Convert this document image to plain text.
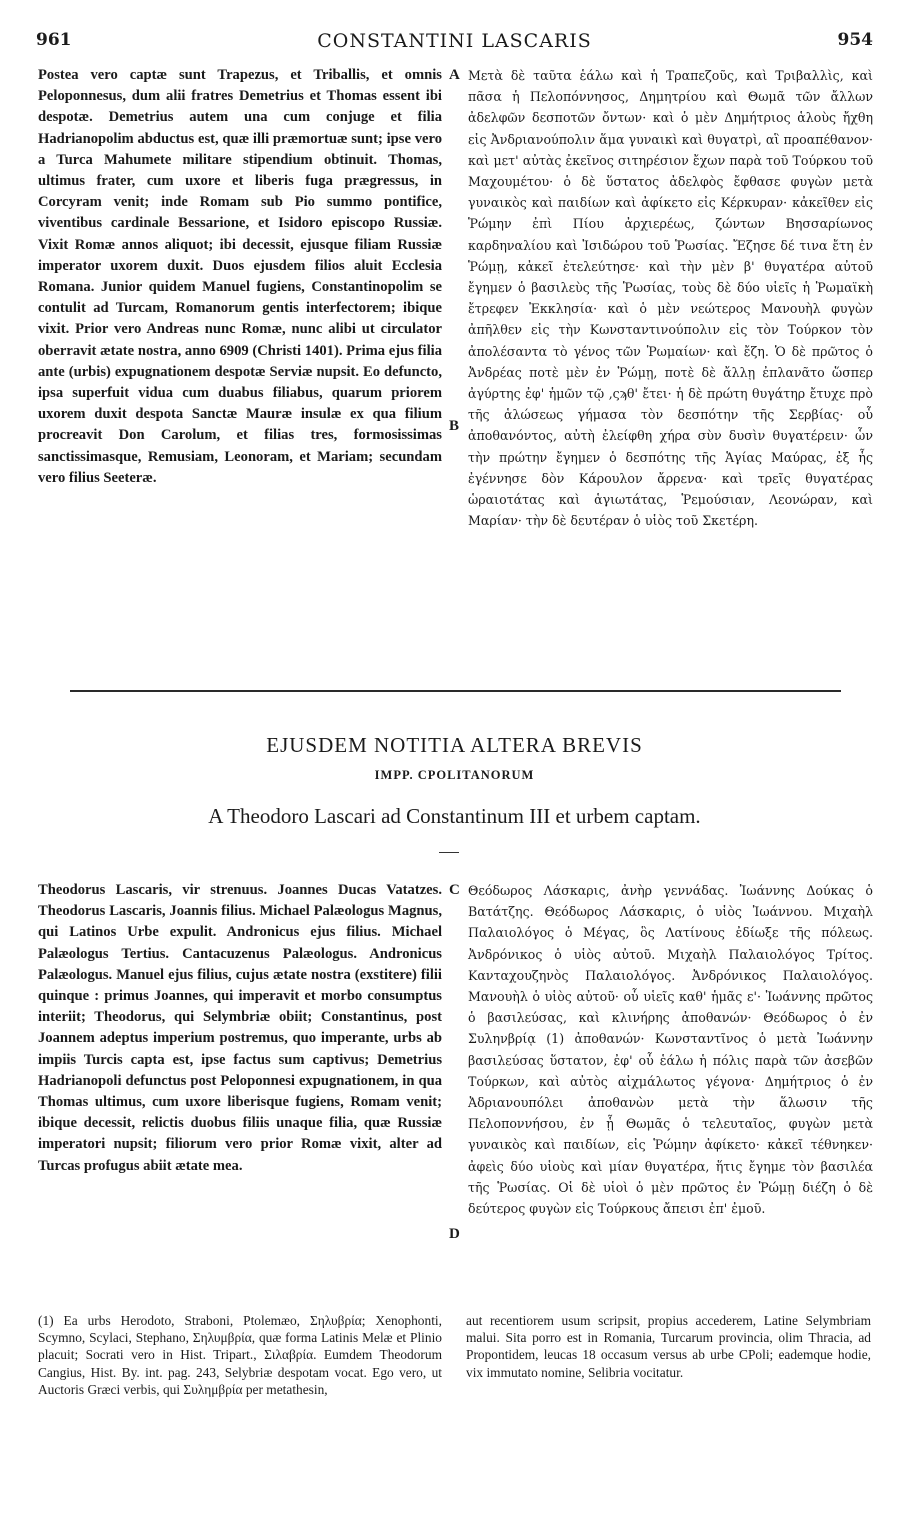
961	CONSTANTINI LASCARIS	954

Postea vero captæ sunt Trapezus, et Triballis, et omnis Peloponnesus, dum alii fratres Demetrius et Thomas essent ibi despotæ. Demetrius autem una cum conjuge et filia Hadrianopolim abductus est, quæ illi præmortuæ sunt; ipse vero a Turca Mahumete militare stipendium obtinuit. Thomas, ultimus frater, cum uxore et liberis fuga prægressus, in Corcyram venit; inde Romam sub Pio summo pontifice, viventibus cardinale Bessarione, et Isidoro episcopo Russiæ. Vixit Romæ annos aliquot; ibi decessit, ejusque filiam Russiæ imperator uxorem duxit. Duos ejusdem filios aluit Ecclesia Romana. Junior quidem Manuel fugiens, Constantinopolim se contulit ad Turcam, Romanorum gentis interfectorem; ibique vixit. Prior vero Andreas nunc Romæ, nunc alibi ut circulator oberravit ætate nostra, anno 6909 (Christi 1401). Prima ejus filia ante (urbis) expugnationem despotæ Serviæ nupsit. Eo defuncto, ipsa superfuit vidua cum duabus filiabus, quarum priorem uxorem duxit despota Sanctæ Mauræ insulæ ex qua filium procreavit Don Carolum, et filias tres, formosissimas sanctissimasque, Remusiam, Leonoram, et Mariam; secundam vero filius Seeteræ.

A
B

Μετὰ δὲ ταῦτα ἑάλω καὶ ἡ Τραπεζοῦς, καὶ Τριβαλλὶς, καὶ πᾶσα ἡ Πελοπόννησος, Δημητρίου καὶ Θωμᾶ τῶν ἄλλων ἀδελφῶν δεσποτῶν ὄντων· καὶ ὁ μὲν Δημήτριος ἁλοὺς ἤχθη εἰς Ἀνδριανούπολιν ἅμα γυναικὶ καὶ θυγατρὶ, αἳ προαπέθανον· καὶ μετ' αὐτὰς ἐκεῖνος σιτηρέσιον ἔχων παρὰ τοῦ Τούρκου τοῦ Μαχουμέτου· ὁ δὲ ὕστατος ἀδελφὸς ἔφθασε φυγὼν μετὰ γυναικὸς καὶ παιδίων καὶ ἀφίκετο εἰς Κέρκυραν· κἀκεῖθεν εἰς Ῥώμην ἐπὶ Πίου ἀρχιερέως, ζώντων Βησσαρίωνος καρδηναλίου καὶ Ἰσιδώρου τοῦ Ῥωσίας. Ἔζησε δέ τινα ἔτη ἐν Ῥώμῃ, κἀκεῖ ἐτελεύτησε· καὶ τὴν μὲν β' θυγατέρα αὐτοῦ ἔγημεν ὁ βασιλεὺς τῆς Ῥωσίας, τοὺς δὲ δύο υἱεῖς ἡ Ῥωμαϊκὴ ἔτρεφεν Ἐκκλησία· καὶ ὁ μὲν νεώτερος Μανουὴλ φυγὼν ἀπῆλθεν εἰς τὴν Κωνσταντινούπολιν εἰς τὸν Τούρκον τὸν ἀπολέσαντα τὸ γένος τῶν Ῥωμαίων· καὶ ἔζη. Ὁ δὲ πρῶτος ὁ Ἀνδρέας ποτὲ μὲν ἐν Ῥώμῃ, ποτὲ δὲ ἄλλῃ ἐπλανᾶτο ὥσπερ ἀγύρτης ἐφ' ἡμῶν τῷ ‚ςϡθ' ἔτει· ἡ δὲ πρώτη θυγάτηρ ἔτυχε πρὸ τῆς ἁλώσεως γήμασα τὸν δεσπότην τῆς Σερβίας· οὗ ἀποθανόντος, αὐτὴ ἐλείφθη χήρα σὺν δυσὶν θυγατέρειν· ὧν τὴν πρώτην ἔγημεν ὁ δεσπότης τῆς Ἁγίας Μαύρας, ἐξ ἧς ἐγέννησε δὸν Κάρουλον ἄρρενα· καὶ τρεῖς θυγατέρας ὡραιοτάτας καὶ ἁγιωτάτας, Ῥεμούσιαν, Λεονώραν, καὶ Μαρίαν· τὴν δὲ δευτέραν ὁ υἱὸς τοῦ Σκετέρη.

EJUSDEM NOTITIA ALTERA BREVIS
IMPP. CPOLITANORUM
A Theodoro Lascari ad Constantinum III et urbem captam.

Theodorus Lascaris, vir strenuus. Joannes Ducas Vatatzes. Theodorus Lascaris, Joannis filius. Michael Palæologus Magnus, qui Latinos Urbe expulit. Andronicus ejus filius. Michael Palæologus Tertius. Cantacuzenus Palæologus. Andronicus Palæologus. Manuel ejus filius, cujus ætate nostra (exstitere) filii quinque : primus Joannes, qui imperavit et morbo consumptus interiit; Theodorus, qui Selymbriæ obiit; Constantinus, post Joannem adeptus imperium postremus, quo imperante, urbs ab impiis Turcis capta est, ipse factus sum captivus; Demetrius Hadrianopoli defunctus post Peloponnesi expugnationem, in qua Thomas ultimus, cum uxore liberisque fugiens, Romam venit; ibique decessit, relictis duobus filiis unaque filia, quæ Russiæ imperatori nupsit; filiorum vero prior Romæ vixit, alter ad Turcas profugus abiit ætate mea.

C
D

Θεόδωρος Λάσκαρις, ἀνὴρ γεννάδας. Ἰωάννης Δούκας ὁ Βατάτζης. Θεόδωρος Λάσκαρις, ὁ υἱὸς Ἰωάννου. Μιχαὴλ Παλαιολόγος ὁ Μέγας, ὃς Λατίνους ἐδίωξε τῆς πόλεως. Ἀνδρόνικος ὁ υἱὸς αὐτοῦ. Μιχαὴλ Παλαιολόγος Τρίτος. Κανταχουζηνὸς Παλαιολόγος. Ἀνδρόνικος Παλαιολόγος. Μανουὴλ ὁ υἱὸς αὐτοῦ· οὗ υἱεῖς καθ' ἡμᾶς ε'· Ἰωάννης πρῶτος ὁ βασιλεύσας, καὶ κλινήρης ἀποθανών· Θεόδωρος ὁ ἐν Συληνβρίᾳ (1) ἀποθανών· Κωνσταντῖνος ὁ μετὰ Ἰωάννην βασιλεύσας ὕστατον, ἐφ' οὗ ἑάλω ἡ πόλις παρὰ τῶν ἀσεβῶν Τούρκων, καὶ αὐτὸς αἰχμάλωτος γέγονα· Δημήτριος ὁ ἐν Ἀδριανουπόλει ἀποθανὼν μετὰ τὴν ἅλωσιν τῆς Πελοποννήσου, ἐν ᾗ Θωμᾶς ὁ τελευταῖος, φυγὼν μετὰ γυναικὸς καὶ παιδίων, εἰς Ῥώμην ἀφίκετο· κἀκεῖ τέθνηκεν· ἀφεὶς δύο υἱοὺς καὶ μίαν θυγατέρα, ἥτις ἔγημε τὸν βασιλέα τῆς Ῥωσίας. Οἱ δὲ υἱοὶ ὁ μὲν πρῶτος ἐν Ῥώμῃ διέζη ὁ δὲ δεύτερος φυγὼν εἰς Τούρκους ἄπεισι ἐπ' ἐμοῦ.

(1) Ea urbs Herodoto, Straboni, Ptolemæo, Σηλυβρία; Xenophonti, Scymno, Scylaci, Stephano, Σηλυμβρία, quæ forma Latinis Melæ et Plinio placuit; Socrati vero in Hist. Tripart., Σιλαβρία. Eumdem Theodorum Cangius, Hist. By. int. pag. 243, Selybriæ despotam vocat. Ego vero, ut Auctoris Græci verbis, qui Συλημβρία per metathesin,

aut recentiorem usum scripsit, propius accederem, Latine Selymbriam malui. Sita porro est in Romania, Turcarum provincia, olim Thracia, ad Propontidem, leucas 18 occasum versus ab urbe CPoli; eademque hodie, vix immutato nomine, Selibria vocitatur.
